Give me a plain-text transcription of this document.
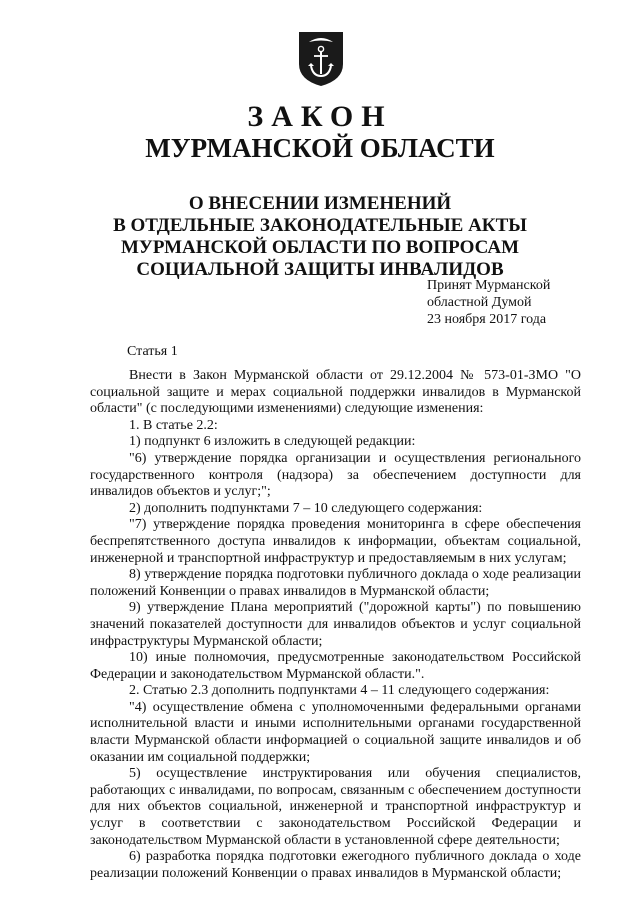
ЗАКОН
МУРМАНСКОЙ ОБЛАСТИ
О ВНЕСЕНИИ ИЗМЕНЕНИЙ
В ОТДЕЛЬНЫЕ ЗАКОНОДАТЕЛЬНЫЕ АКТЫ
МУРМАНСКОЙ ОБЛАСТИ ПО ВОПРОСАМ
СОЦИАЛЬНОЙ ЗАЩИТЫ ИНВАЛИДОВ
Принят Мурманской
областной Думой
23 ноября 2017 года
Статья 1

Внести в Закон Мурманской области от 29.12.2004 № 573-01-ЗМО "О социальной защите и мерах социальной поддержки инвалидов в Мурманской области" (с последующими изменениями) следующие изменения:

1. В статье 2.2:

1) подпункт 6 изложить в следующей редакции:

"6) утверждение порядка организации и осуществления регионального государственного контроля (надзора) за обеспечением доступности для инвалидов объектов и услуг;";

2) дополнить подпунктами 7 – 10 следующего содержания:

"7) утверждение порядка проведения мониторинга в сфере обеспечения беспрепятственного доступа инвалидов к информации, объектам социальной, инженерной и транспортной инфраструктур и предоставляемым в них услугам;

8) утверждение порядка подготовки публичного доклада о ходе реализации положений Конвенции о правах инвалидов в Мурманской области;

9) утверждение Плана мероприятий ("дорожной карты") по повышению значений показателей доступности для инвалидов объектов и услуг социальной инфраструктуры Мурманской области;

10) иные полномочия, предусмотренные законодательством Российской Федерации и законодательством Мурманской области.".

2. Статью 2.3 дополнить подпунктами 4 – 11 следующего содержания:

"4) осуществление обмена с уполномоченными федеральными органами исполнительной власти и иными исполнительными органами государственной власти Мурманской области информацией о социальной защите инвалидов и об оказании им социальной поддержки;

5) осуществление инструктирования или обучения специалистов, работающих с инвалидами, по вопросам, связанным с обеспечением доступности для них объектов социальной, инженерной и транспортной инфраструктур и услуг в соответствии с законодательством Российской Федерации и законодательством Мурманской области в установленной сфере деятельности;

6) разработка порядка подготовки ежегодного публичного доклада о ходе реализации положений Конвенции о правах инвалидов в Мурманской области;
